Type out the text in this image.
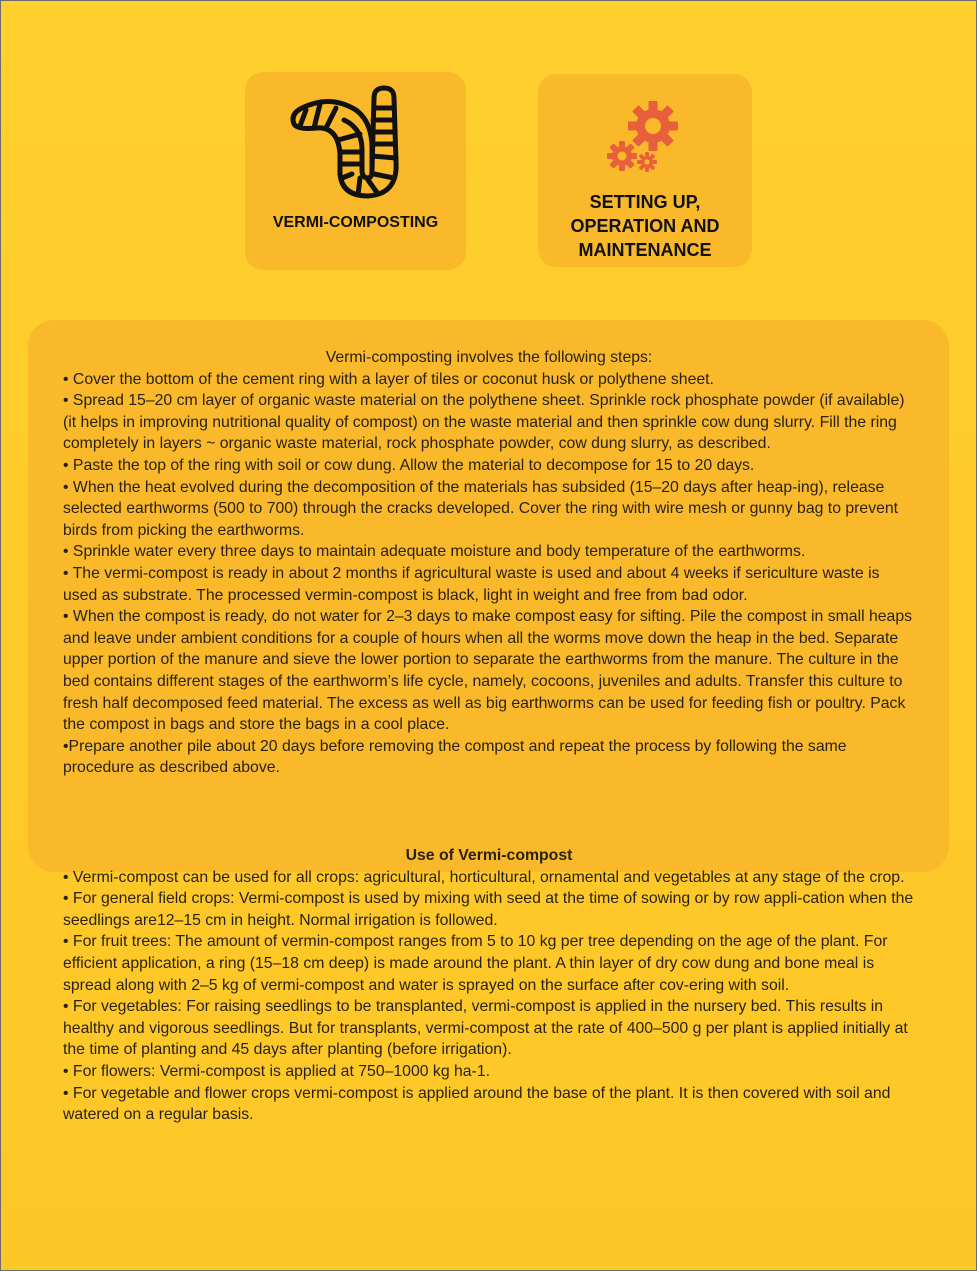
VERMI-COMPOSTING
SETTING UP,
OPERATION AND
MAINTENANCE

Vermi-composting involves the following steps:

• Cover the bottom of the cement ring with a layer of tiles or coconut husk or polythene sheet.

• Spread 15–20 cm layer of organic waste material on the polythene sheet. Sprinkle rock phosphate powder (if available) (it helps in improving nutritional quality of compost) on the waste material and then sprinkle cow dung slurry. Fill the ring completely in layers ~ organic waste material, rock phosphate powder, cow dung slurry, as described.

• Paste the top of the ring with soil or cow dung. Allow the material to decompose for 15 to 20 days.

• When the heat evolved during the decomposition of the materials has subsided (15–20 days after heap-ing), release selected earthworms (500 to 700) through the cracks developed. Cover the ring with wire mesh or gunny bag to prevent birds from picking the earthworms.

• Sprinkle water every three days to maintain adequate moisture and body temperature of the earthworms.

• The vermi-compost is ready in about 2 months if agricultural waste is used and about 4 weeks if sericulture waste is used as substrate. The processed vermin-compost is black, light in weight and free from bad odor.

• When the compost is ready, do not water for 2–3 days to make compost easy for sifting. Pile the compost in small heaps and leave under ambient conditions for a couple of hours when all the worms move down the heap in the bed. Separate upper portion of the manure and sieve the lower portion to separate the earthworms from the manure. The culture in the bed contains different stages of the earthworm’s life cycle, namely, cocoons, juveniles and adults. Transfer this culture to fresh half decomposed feed material. The excess as well as big earthworms can be used for feeding fish or poultry. Pack the compost in bags and store the bags in a cool place.

•Prepare another pile about 20 days before removing the compost and repeat the process by following the same procedure as described above.

Use of Vermi-compost

• Vermi-compost can be used for all crops: agricultural, horticultural, ornamental and vegetables at any stage of the crop.

• For general field crops: Vermi-compost is used by mixing with seed at the time of sowing or by row appli-cation when the seedlings are12–15 cm in height. Normal irrigation is followed.

• For fruit trees: The amount of vermin-compost ranges from 5 to 10 kg per tree depending on the age of the plant. For efficient application, a ring (15–18 cm deep) is made around the plant. A thin layer of dry cow dung and bone meal is spread along with 2–5 kg of vermi-compost and water is sprayed on the surface after cov-ering with soil.

• For vegetables: For raising seedlings to be transplanted, vermi-compost is applied in the nursery bed. This results in healthy and vigorous seedlings. But for transplants, vermi-compost at the rate of 400–500 g per plant is applied initially at the time of planting and 45 days after planting (before irrigation).

• For flowers: Vermi-compost is applied at 750–1000 kg ha-1.

• For vegetable and flower crops vermi-compost is applied around the base of the plant. It is then covered with soil and watered on a regular basis.
